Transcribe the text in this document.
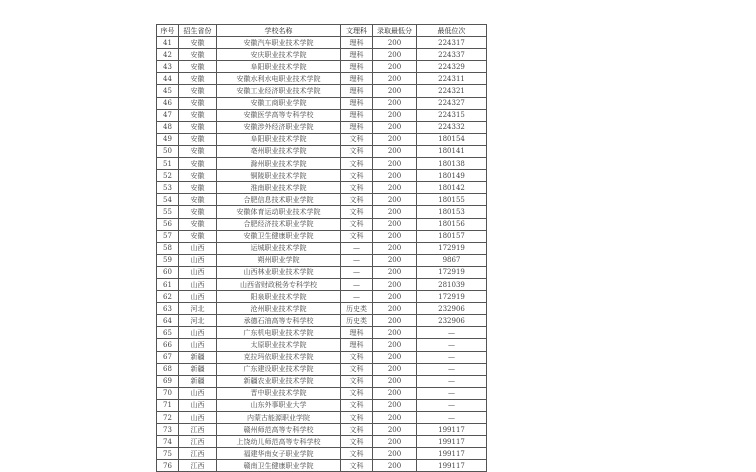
序号	招生省份	学校名称	文理科	录取最低分	最低位次
41	安徽	安徽汽车职业技术学院	理科	200	224317
42	安徽	安庆职业技术学院	理科	200	224337
43	安徽	阜阳职业技术学院	理科	200	224329
44	安徽	安徽水利水电职业技术学院	理科	200	224311
45	安徽	安徽工业经济职业技术学院	理科	200	224321
46	安徽	安徽工商职业学院	理科	200	224327
47	安徽	安徽医学高等专科学校	理科	200	224315
48	安徽	安徽涉外经济职业学院	理科	200	224332
49	安徽	阜阳职业技术学院	文科	200	180154
50	安徽	亳州职业技术学院	文科	200	180141
51	安徽	滁州职业技术学院	文科	200	180138
52	安徽	铜陵职业技术学院	文科	200	180149
53	安徽	淮南职业技术学院	文科	200	180142
54	安徽	合肥信息技术职业学院	文科	200	180155
55	安徽	安徽体育运动职业技术学院	文科	200	180153
56	安徽	合肥经济技术职业学院	文科	200	180156
57	安徽	安徽卫生健康职业学院	文科	200	180157
58	山西	运城职业技术学院	—	200	172919
59	山西	朔州职业学院	—	200	9867
60	山西	山西林业职业技术学院	—	200	172919
61	山西	山西省财政税务专科学校	—	200	281039
62	山西	阳泉职业技术学院	—	200	172919
63	河北	沧州职业技术学院	历史类	200	232906
64	河北	承德石油高等专科学校	历史类	200	232906
65	山西	广东机电职业技术学院	理科	200	—
66	山西	太原职业技术学院	理科	200	—
67	新疆	克拉玛依职业技术学院	文科	200	—
68	新疆	广东建设职业技术学院	文科	200	—
69	新疆	新疆农业职业技术学院	文科	200	—
70	山西	晋中职业技术学院	文科	200	—
71	山西	山东外事职业大学	文科	200	—
72	山西	内蒙古能源职业学院	文科	200	—
73	江西	赣州师范高等专科学校	文科	200	199117
74	江西	上饶幼儿师范高等专科学校	文科	200	199117
75	江西	福建华南女子职业学院	文科	200	199117
76	江西	赣南卫生健康职业学院	文科	200	199117
